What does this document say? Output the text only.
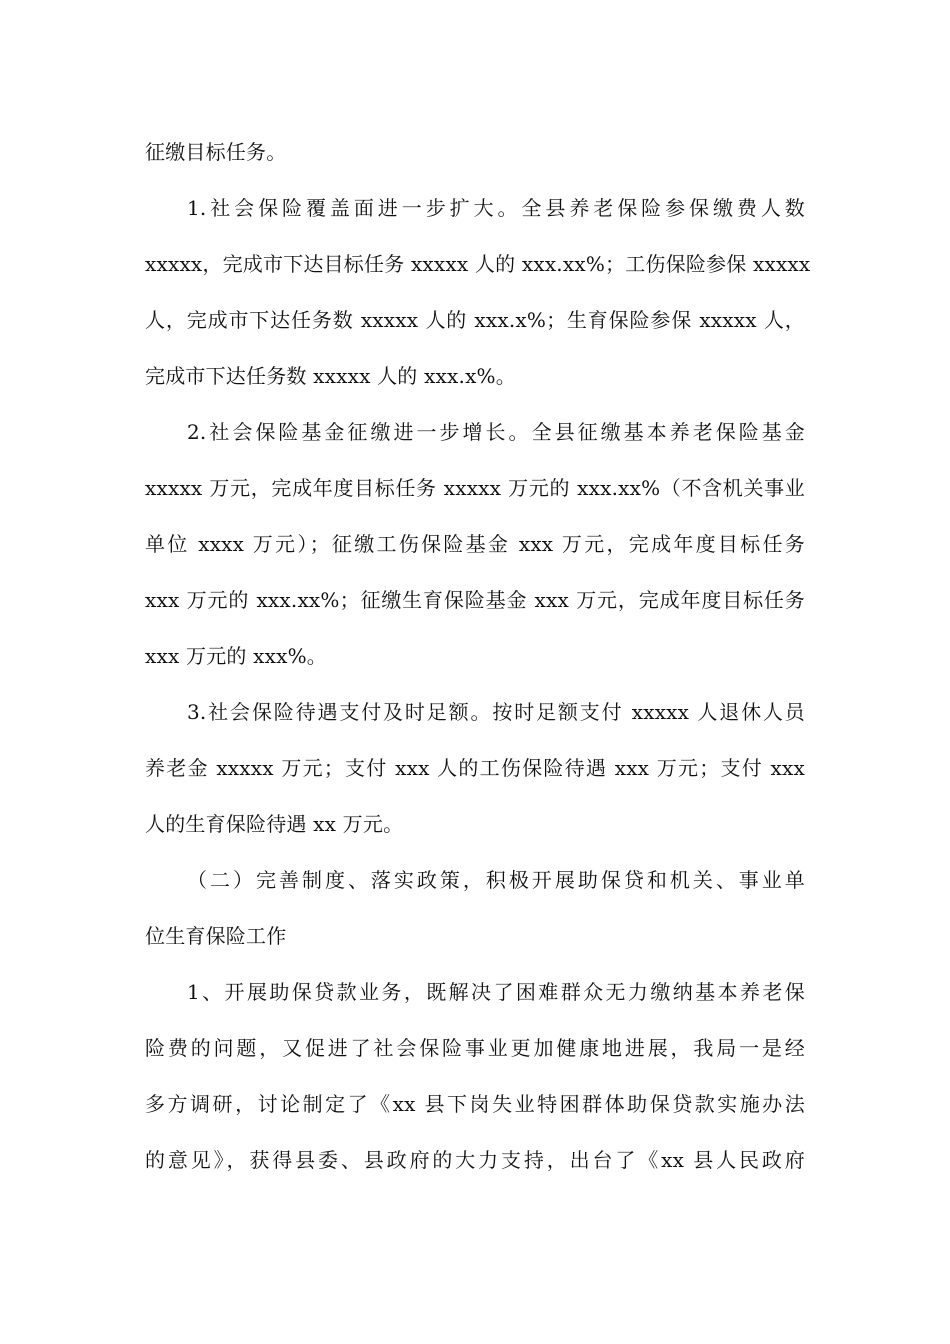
征缴目标任务。
1.社会保险覆盖面进一步扩大。全县养老保险参保缴费人数
xxxxx，完成市下达目标任务 xxxxx 人的 xxx.xx%；工伤保险参保 xxxxx
人，完成市下达任务数 xxxxx 人的 xxx.x%；生育保险参保 xxxxx 人，
完成市下达任务数 xxxxx 人的 xxx.x%。
2.社会保险基金征缴进一步增长。全县征缴基本养老保险基金
xxxxx 万元，完成年度目标任务 xxxxx 万元的 xxx.xx%（不含机关事业
单位 xxxx 万元）；征缴工伤保险基金 xxx 万元，完成年度目标任务
xxx 万元的 xxx.xx%；征缴生育保险基金 xxx 万元，完成年度目标任务
xxx 万元的 xxx%。
3.社会保险待遇支付及时足额。按时足额支付 xxxxx 人退休人员
养老金 xxxxx 万元；支付 xxx 人的工伤保险待遇 xxx 万元；支付 xxx
人的生育保险待遇 xx 万元。
（二）完善制度、落实政策，积极开展助保贷和机关、事业单
位生育保险工作
1、开展助保贷款业务，既解决了困难群众无力缴纳基本养老保
险费的问题，又促进了社会保险事业更加健康地进展，我局一是经
多方调研，讨论制定了《xx 县下岗失业特困群体助保贷款实施办法
的意见》，获得县委、县政府的大力支持，出台了《xx 县人民政府
